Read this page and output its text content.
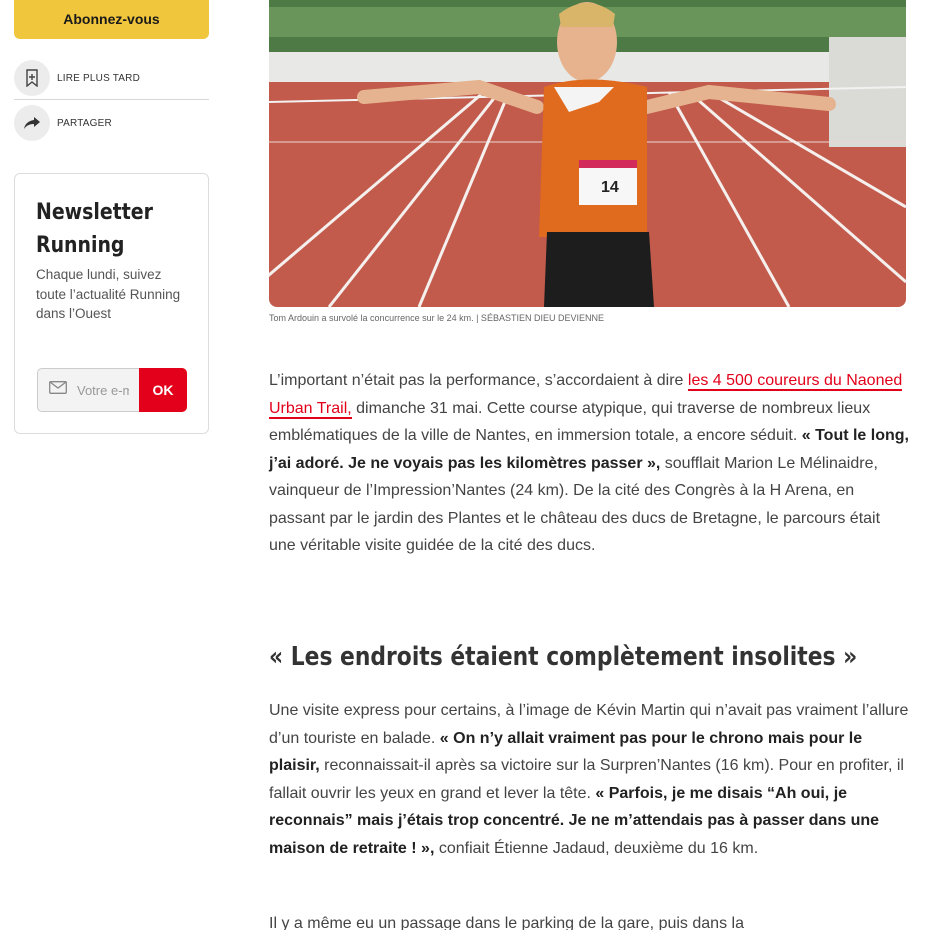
Abonnez-vous
LIRE PLUS TARD
PARTAGER
Newsletter Running
Chaque lundi, suivez toute l’actualité Running dans l’Ouest
Votre e-mail
OK
14
Tom Ardouin a survolé la concurrence sur le 24 km. | SÉBASTIEN DIEU DEVIENNE
L’important n’était pas la performance, s’accordaient à dire les 4 500 coureurs du Naoned Urban Trail, dimanche 31 mai. Cette course atypique, qui traverse de nombreux lieux emblématiques de la ville de Nantes, en immersion totale, a encore séduit. « Tout le long, j’ai adoré. Je ne voyais pas les kilomètres passer », soufflait Marion Le Mélinaidre, vainqueur de l’Impression’Nantes (24 km). De la cité des Congrès à la H Arena, en passant par le jardin des Plantes et le château des ducs de Bretagne, le parcours était une véritable visite guidée de la cité des ducs.
« Les endroits étaient complètement insolites »
Une visite express pour certains, à l’image de Kévin Martin qui n’avait pas vraiment l’allure d’un touriste en balade. « On n’y allait vraiment pas pour le chrono mais pour le plaisir, reconnaissait-il après sa victoire sur la Surpren’Nantes (16 km). Pour en profiter, il fallait ouvrir les yeux en grand et lever la tête. « Parfois, je me disais “Ah oui, je reconnais” mais j’étais trop concentré. Je ne m’attendais pas à passer dans une maison de retraite ! », confiait Étienne Jadaud, deuxième du 16 km.
Il y a même eu un passage dans le parking de la gare, puis dans la
